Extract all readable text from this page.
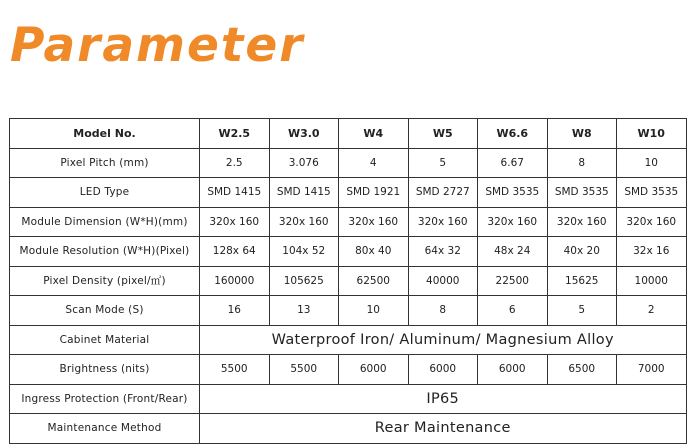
Parameter
Model No.	W2.5	W3.0	W4	W5	W6.6	W8	W10
Pixel Pitch (mm)	2.5	3.076	4	5	6.67	8	10
LED Type	SMD 1415	SMD 1415	SMD 1921	SMD 2727	SMD 3535	SMD 3535	SMD 3535
Module Dimension (W*H)(mm)	320x 160	320x 160	320x 160	320x 160	320x 160	320x 160	320x 160
Module Resolution (W*H)(Pixel)	128x 64	104x 52	80x 40	64x 32	48x 24	40x 20	32x 16
Pixel Density (pixel/㎡)	160000	105625	62500	40000	22500	15625	10000
Scan Mode (S)	16	13	10	8	6	5	2
Cabinet Material	Waterproof Iron/ Aluminum/ Magnesium Alloy						
Brightness (nits)	5500	5500	6000	6000	6000	6500	7000
Ingress Protection (Front/Rear)	IP65						
Maintenance Method	Rear Maintenance						
